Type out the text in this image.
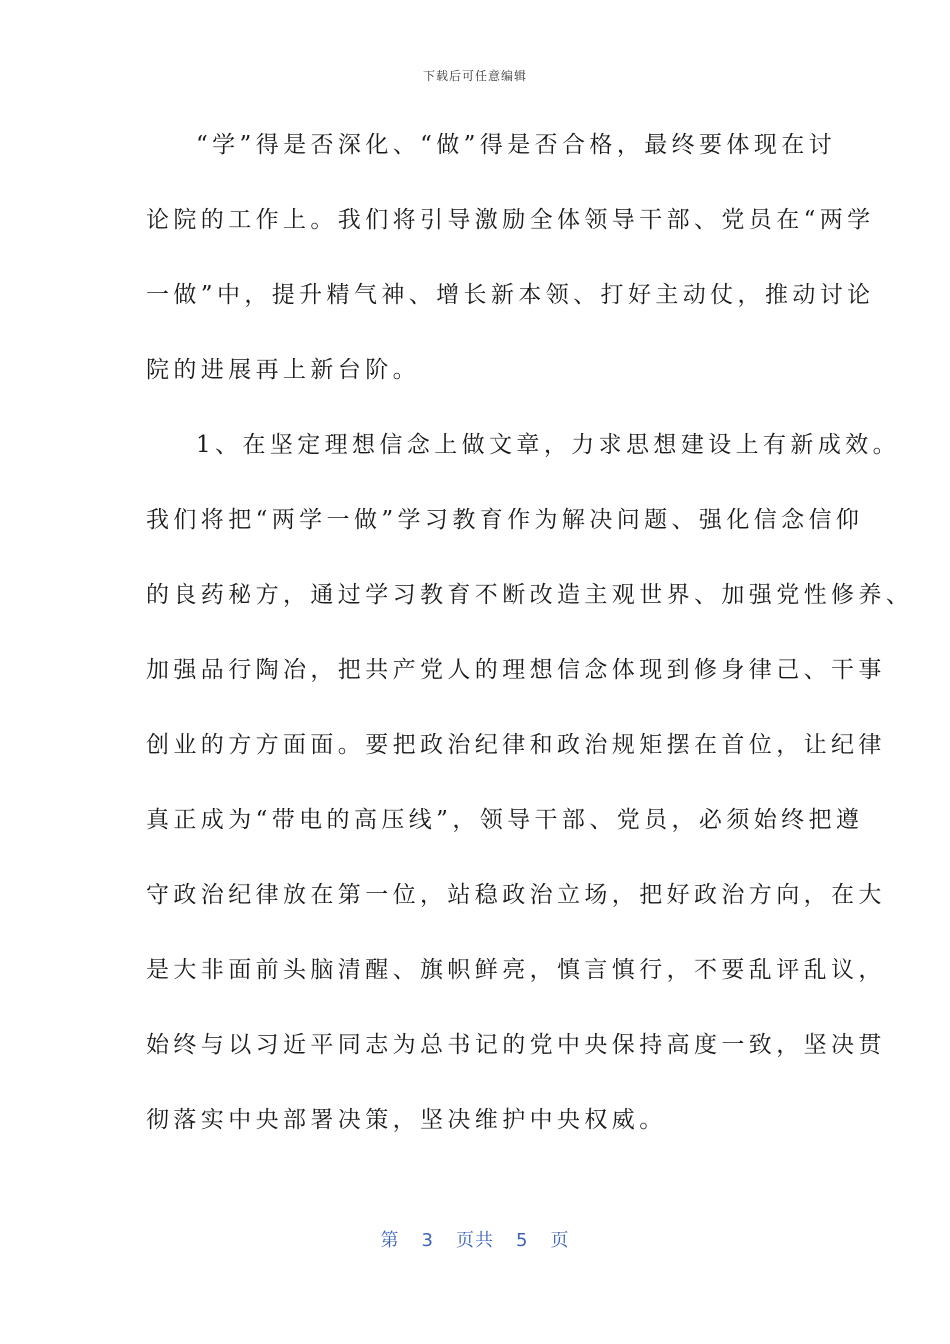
下载后可任意编辑
“学”得是否深化、“做”得是否合格，最终要体现在讨
论院的工作上。我们将引导激励全体领导干部、党员在“两学
一做”中，提升精气神、增长新本领、打好主动仗，推动讨论
院的进展再上新台阶。
1、在坚定理想信念上做文章，力求思想建设上有新成效。
我们将把“两学一做”学习教育作为解决问题、强化信念信仰
的良药秘方，通过学习教育不断改造主观世界、加强党性修养、
加强品行陶冶，把共产党人的理想信念体现到修身律己、干事
创业的方方面面。要把政治纪律和政治规矩摆在首位，让纪律
真正成为“带电的高压线”，领导干部、党员，必须始终把遵
守政治纪律放在第一位，站稳政治立场，把好政治方向，在大
是大非面前头脑清醒、旗帜鲜亮，慎言慎行，不要乱评乱议，
始终与以习近平同志为总书记的党中央保持高度一致，坚决贯
彻落实中央部署决策，坚决维护中央权威。
第 3 页共 5 页
